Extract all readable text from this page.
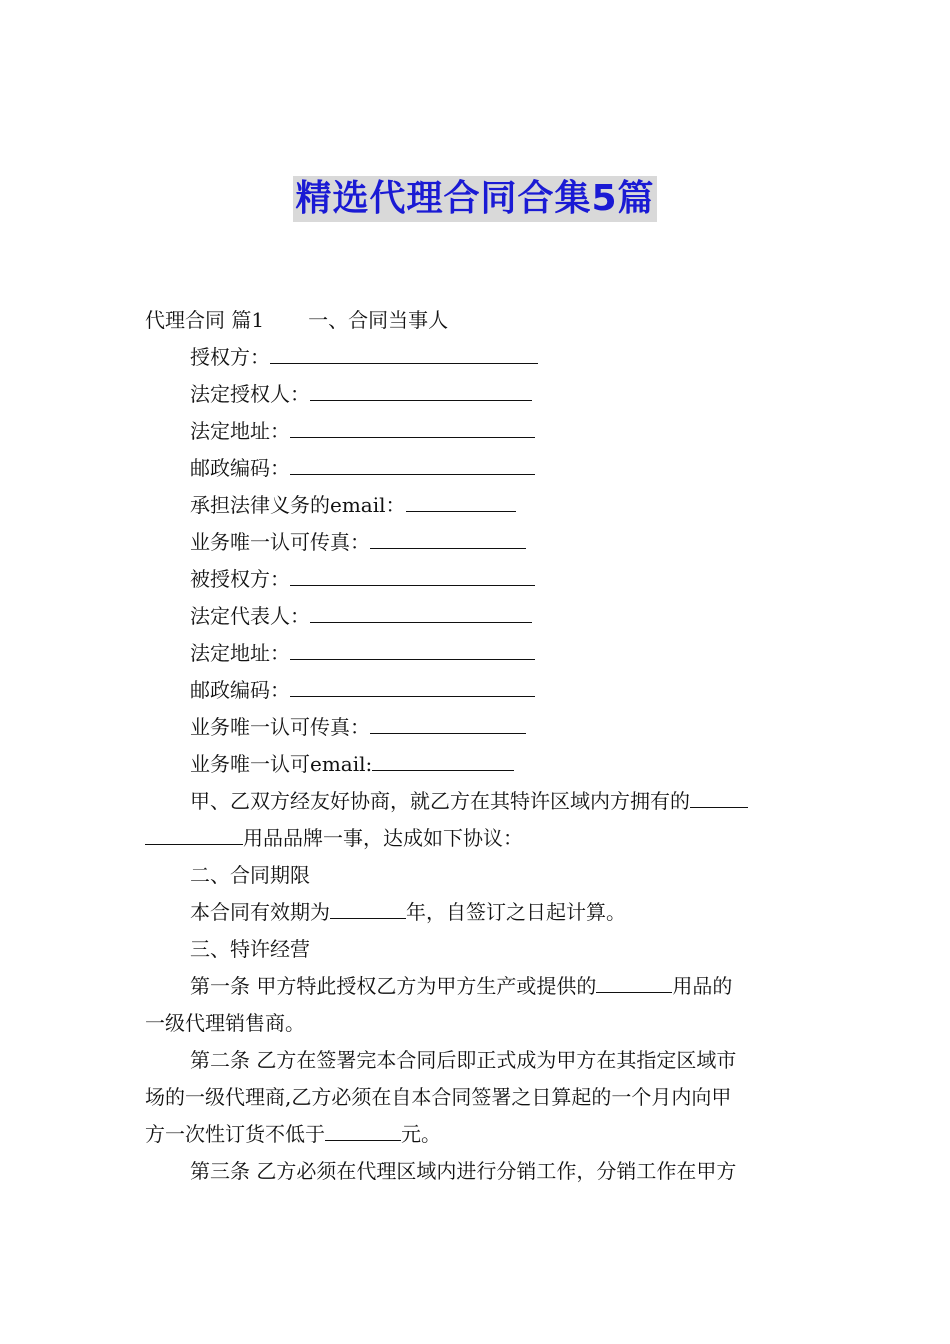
精选代理合同合集5篇
代理合同 篇1 一、合同当事人
授权方：
法定授权人：
法定地址：
邮政编码：
承担法律义务的email：
业务唯一认可传真：
被授权方：
法定代表人：
法定地址：
邮政编码：
业务唯一认可传真：
业务唯一认可email:
甲、乙双方经友好协商，就乙方在其特许区域内方拥有的
用品品牌一事，达成如下协议：
二、合同期限
本合同有效期为	年，自签订之日起计算。
三、特许经营
第一条 甲方特此授权乙方为甲方生产或提供的	用品的
一级代理销售商。
第二条 乙方在签署完本合同后即正式成为甲方在其指定区域市
场的一级代理商,乙方必须在自本合同签署之日算起的一个月内向甲
方一次性订货不低于	元。
第三条 乙方必须在代理区域内进行分销工作，分销工作在甲方
